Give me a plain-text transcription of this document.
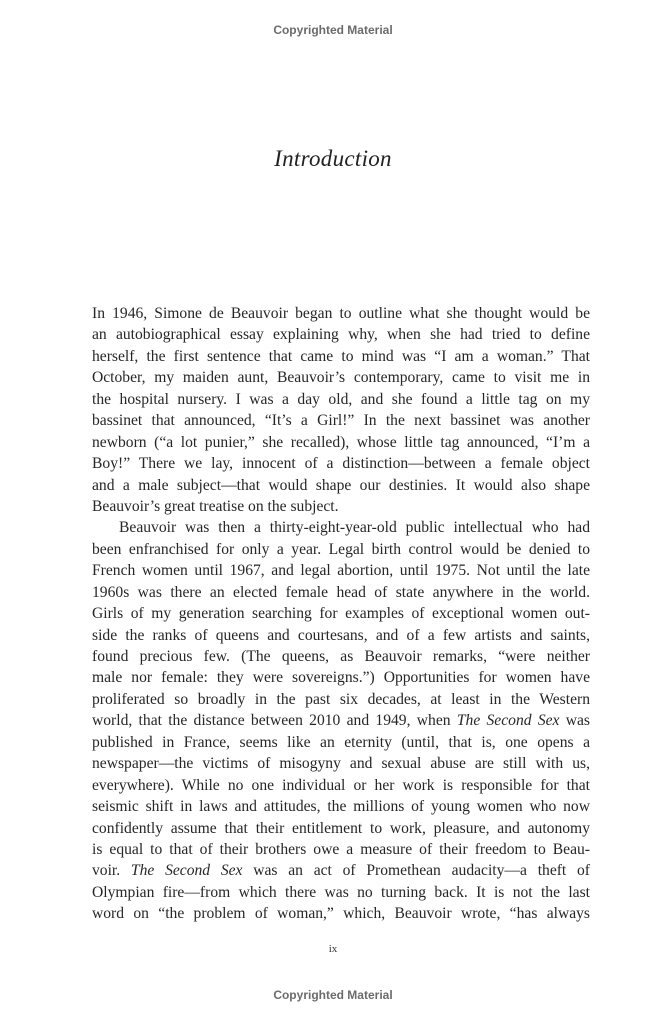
Copyrighted Material
Introduction
In 1946, Simone de Beauvoir began to outline what she thought would be
an autobiographical essay explaining why, when she had tried to define
herself, the first sentence that came to mind was “I am a woman.” That
October, my maiden aunt, Beauvoir’s contemporary, came to visit me in
the hospital nursery. I was a day old, and she found a little tag on my
bassinet that announced, “It’s a Girl!” In the next bassinet was another
newborn (“a lot punier,” she recalled), whose little tag announced, “I’m a
Boy!” There we lay, innocent of a distinction—between a female object
and a male subject—that would shape our destinies. It would also shape
Beauvoir’s great treatise on the subject.
Beauvoir was then a thirty-eight-year-old public intellectual who had
been enfranchised for only a year. Legal birth control would be denied to
French women until 1967, and legal abortion, until 1975. Not until the late
1960s was there an elected female head of state anywhere in the world.
Girls of my generation searching for examples of exceptional women out-
side the ranks of queens and courtesans, and of a few artists and saints,
found precious few. (The queens, as Beauvoir remarks, “were neither
male nor female: they were sovereigns.”) Opportunities for women have
proliferated so broadly in the past six decades, at least in the Western
world, that the distance between 2010 and 1949, when The Second Sex was
published in France, seems like an eternity (until, that is, one opens a
newspaper—the victims of misogyny and sexual abuse are still with us,
everywhere). While no one individual or her work is responsible for that
seismic shift in laws and attitudes, the millions of young women who now
confidently assume that their entitlement to work, pleasure, and autonomy
is equal to that of their brothers owe a measure of their freedom to Beau-
voir. The Second Sex was an act of Promethean audacity—a theft of
Olympian fire—from which there was no turning back. It is not the last
word on “the problem of woman,” which, Beauvoir wrote, “has always
ix
Copyrighted Material
